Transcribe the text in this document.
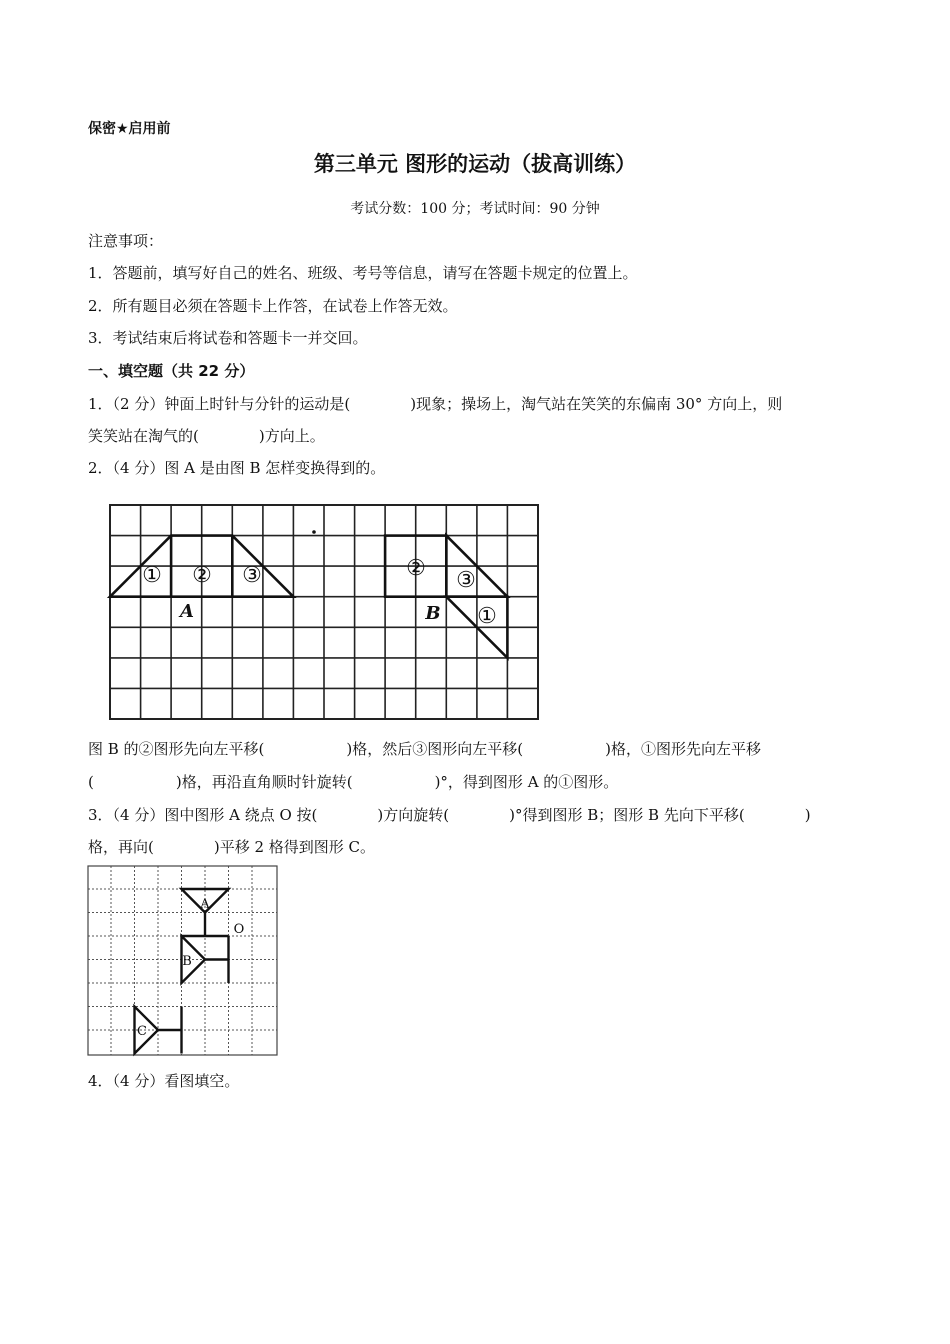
保密★启用前
第三单元 图形的运动（拔高训练）
考试分数：100 分；考试时间：90 分钟
注意事项：
1．答题前，填写好自己的姓名、班级、考号等信息，请写在答题卡规定的位置上。
2．所有题目必须在答题卡上作答，在试卷上作答无效。
3．考试结束后将试卷和答题卡一并交回。
一、填空题（共 22 分）
1．（2 分）钟面上时针与分针的运动是(	)现象；操场上，淘气站在笑笑的东偏南 30° 方向上，则
笑笑站在淘气的(	)方向上。
2．（4 分）图 A 是由图 B 怎样变换得到的。
① ② ③	② ③
①
A	B
图 B 的②图形先向左平移(	)格，然后③图形向左平移(	)格，①图形先向左平移
(	)格，再沿直角顺时针旋转(	)°，得到图形 A 的①图形。
3．（4 分）图中图形 A 绕点 O 按(	)方向旋转(	)°得到图形 B；图形 B 先向下平移(	)
格，再向(	)平移 2 格得到图形 C。
A
B
C
O
4．（4 分）看图填空。
